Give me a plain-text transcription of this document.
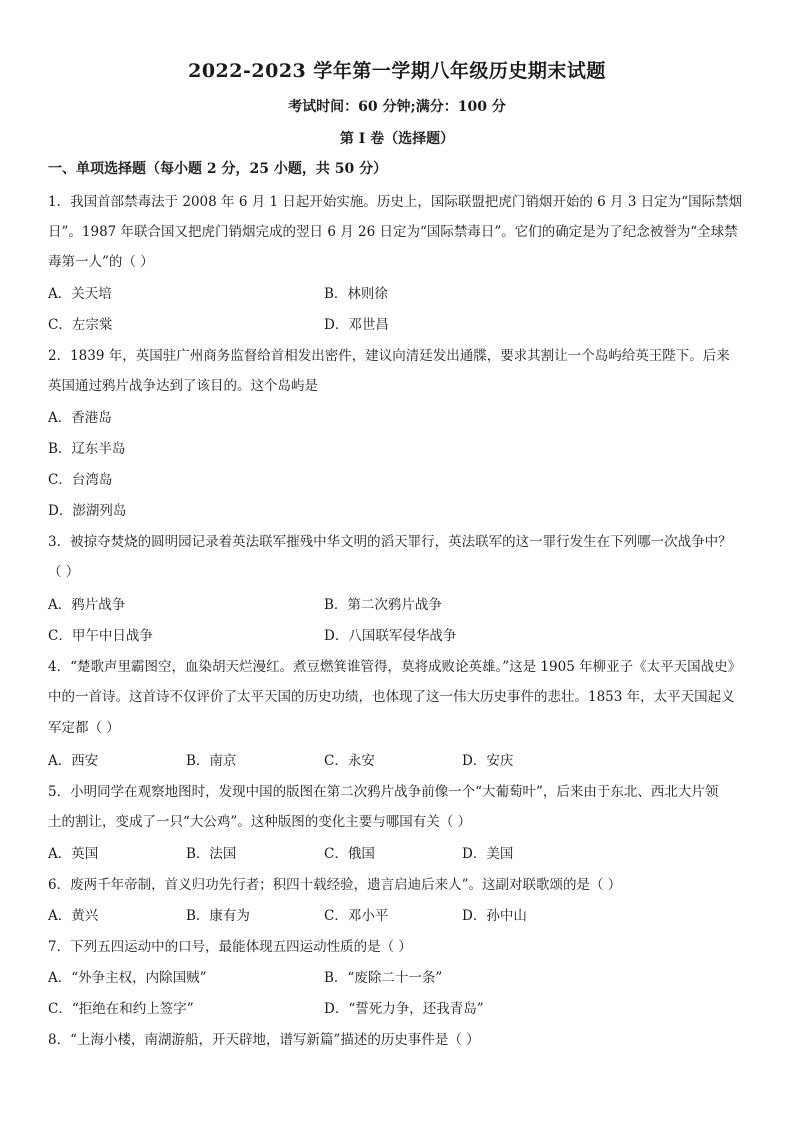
2022-2023 学年第一学期八年级历史期末试题
考试时间：60 分钟;满分：100 分
第 I 卷（选择题）
一、单项选择题（每小题 2 分，25 小题，共 50 分）
1．我国首部禁毒法于 2008 年 6 月 1 日起开始实施。历史上，国际联盟把虎门销烟开始的 6 月 3 日定为“国际禁烟
日”。1987 年联合国又把虎门销烟完成的翌日 6 月 26 日定为“国际禁毒日”。它们的确定是为了纪念被誉为“全球禁
毒第一人”的（ ）
A．关天培	B．林则徐
C．左宗棠	D．邓世昌
2．1839 年，英国驻广州商务监督给首相发出密件，建议向清廷发出通牒，要求其割让一个岛屿给英王陛下。后来
英国通过鸦片战争达到了该目的。这个岛屿是
A．香港岛
B．辽东半岛
C．台湾岛
D．澎湖列岛
3．被掠夺焚烧的圆明园记录着英法联军摧残中华文明的滔天罪行，英法联军的这一罪行发生在下列哪一次战争中？
（ ）
A．鸦片战争	B．第二次鸦片战争
C．甲午中日战争	D．八国联军侵华战争
4．“楚歌声里霸图空，血染胡天烂漫红。煮豆燃箕谁管得，莫将成败论英雄。”这是 1905 年柳亚子《太平天国战史》
中的一首诗。这首诗不仅评价了太平天国的历史功绩，也体现了这一伟大历史事件的悲壮。1853 年，太平天国起义
军定都（ ）
A．西安	B．南京	C．永安	D．安庆
5．小明同学在观察地图时，发现中国的版图在第二次鸦片战争前像一个“大葡萄叶”，后来由于东北、西北大片领
土的割让，变成了一只“大公鸡”。这种版图的变化主要与哪国有关（ ）
A．英国	B．法国	C．俄国	D．美国
6．废两千年帝制，首义归功先行者；积四十载经验，遗言启迪后来人”。这副对联歌颂的是（ ）
A．黄兴	B．康有为	C．邓小平	D．孙中山
7．下列五四运动中的口号，最能体现五四运动性质的是（ ）
A．“外争主权，内除国贼”	B．“废除二十一条”
C．“拒绝在和约上签字”	D．“誓死力争，还我青岛”
8．“上海小楼，南湖游船，开天辟地，谱写新篇”描述的历史事件是（ ）
